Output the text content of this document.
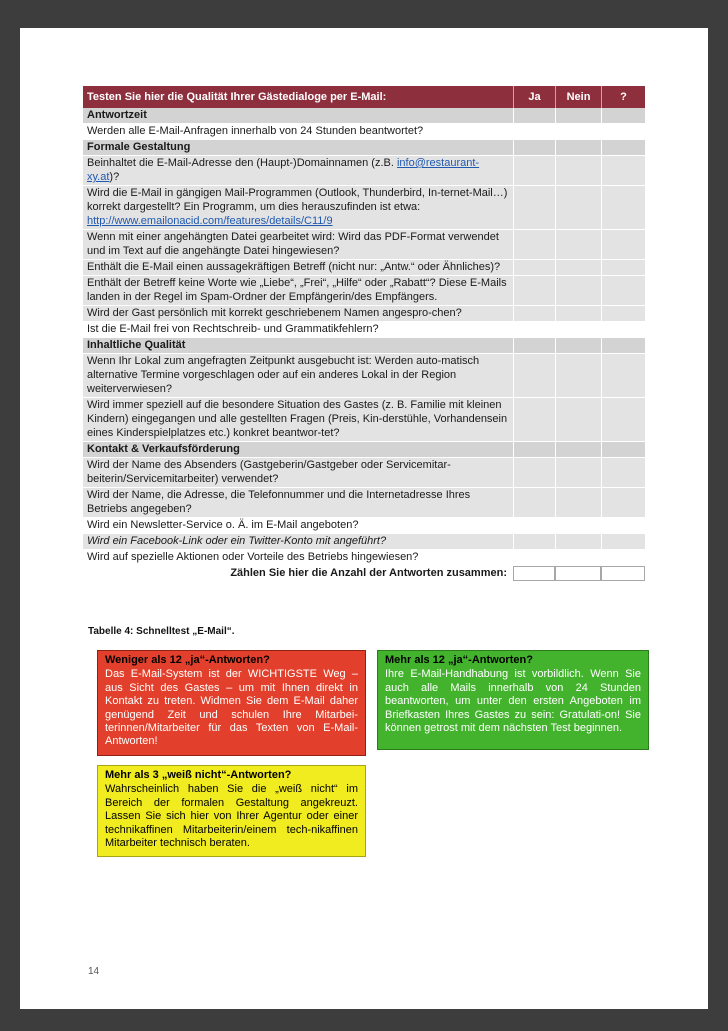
Testen Sie hier die Qualität Ihrer Gästedialoge per E-Mail:	Ja	Nein	?
Antwortzeit
Werden alle E-Mail-Anfragen innerhalb von 24 Stunden beantwortet?
Formale Gestaltung
Beinhaltet die E-Mail-Adresse den (Haupt-)Domainnamen (z.B. info@restaurant-xy.at)?
Wird die E-Mail in gängigen Mail-Programmen (Outlook, Thunderbird, In-ternet-Mail…) korrekt dargestellt? Ein Programm, um dies herauszufinden ist etwa: http://www.emailonacid.com/features/details/C11/9
Wenn mit einer angehängten Datei gearbeitet wird: Wird das PDF-Format verwendet und im Text auf die angehängte Datei hingewiesen?
Enthält die E-Mail einen aussagekräftigen Betreff (nicht nur: „Antw.“ oder Ähnliches)?
Enthält der Betreff keine Worte wie „Liebe“, „Frei“, „Hilfe“ oder „Rabatt“? Diese E-Mails landen in der Regel im Spam-Ordner der Empfängerin/des Empfängers.
Wird der Gast persönlich mit korrekt geschriebenem Namen angespro-chen?
Ist die E-Mail frei von Rechtschreib- und Grammatikfehlern?
Inhaltliche Qualität
Wenn Ihr Lokal zum angefragten Zeitpunkt ausgebucht ist: Werden auto-matisch alternative Termine vorgeschlagen oder auf ein anderes Lokal in der Region weiterverwiesen?
Wird immer speziell auf die besondere Situation des Gastes (z. B. Familie mit kleinen Kindern) eingegangen und alle gestellten Fragen (Preis, Kin-derstühle, Vorhandensein eines Kinderspielplatzes etc.) konkret beantwor-tet?
Kontakt & Verkaufsförderung
Wird der Name des Absenders (Gastgeberin/Gastgeber oder Servicemitar-beiterin/Servicemitarbeiter) verwendet?
Wird der Name, die Adresse, die Telefonnummer und die Internetadresse Ihres Betriebs angegeben?
Wird ein Newsletter-Service o. Ä. im E-Mail angeboten?
Wird ein Facebook-Link oder ein Twitter-Konto mit angeführt?
Wird auf spezielle Aktionen oder Vorteile des Betriebs hingewiesen?
Zählen Sie hier die Anzahl der Antworten zusammen:
Tabelle 4: Schnelltest „E-Mail“.
Weniger als 12 „ja“-Antworten?
Das E-Mail-System ist der WICHTIGSTE Weg – aus Sicht des Gastes – um mit Ihnen direkt in Kontakt zu treten. Widmen Sie dem E-Mail daher genügend Zeit und schulen Ihre Mitarbei-terinnen/Mitarbeiter für das Texten von E-Mail-Antworten!
Mehr als 12 „ja“-Antworten?
Ihre E-Mail-Handhabung ist vorbildlich. Wenn Sie auch alle Mails innerhalb von 24 Stunden beantworten, um unter den ersten Angeboten im Briefkasten Ihres Gastes zu sein: Gratulati-on! Sie können getrost mit dem nächsten Test beginnen.
Mehr als 3 „weiß nicht“-Antworten?
Wahrscheinlich haben Sie die „weiß nicht“ im Bereich der formalen Gestaltung angekreuzt. Lassen Sie sich hier von Ihrer Agentur oder einer technikaffinen Mitarbeiterin/einem tech-nikaffinen Mitarbeiter technisch beraten.
14
